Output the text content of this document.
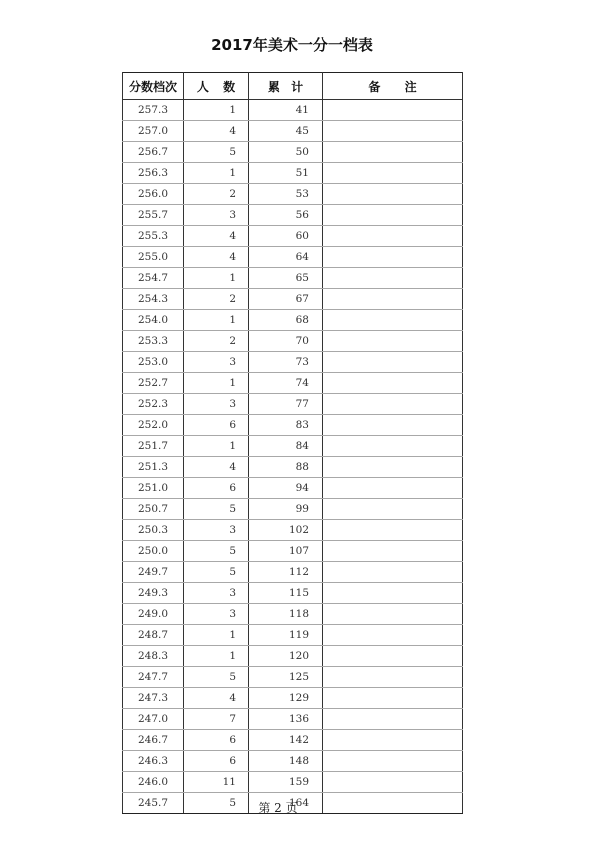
2017年美术一分一档表
分数档次	人 数	累 计	备 注
257.3	1	41	
257.0	4	45	
256.7	5	50	
256.3	1	51	
256.0	2	53	
255.7	3	56	
255.3	4	60	
255.0	4	64	
254.7	1	65	
254.3	2	67	
254.0	1	68	
253.3	2	70	
253.0	3	73	
252.7	1	74	
252.3	3	77	
252.0	6	83	
251.7	1	84	
251.3	4	88	
251.0	6	94	
250.7	5	99	
250.3	3	102	
250.0	5	107	
249.7	5	112	
249.3	3	115	
249.0	3	118	
248.7	1	119	
248.3	1	120	
247.7	5	125	
247.3	4	129	
247.0	7	136	
246.7	6	142	
246.3	6	148	
246.0	11	159	
245.7	5	164	
第 2 页
